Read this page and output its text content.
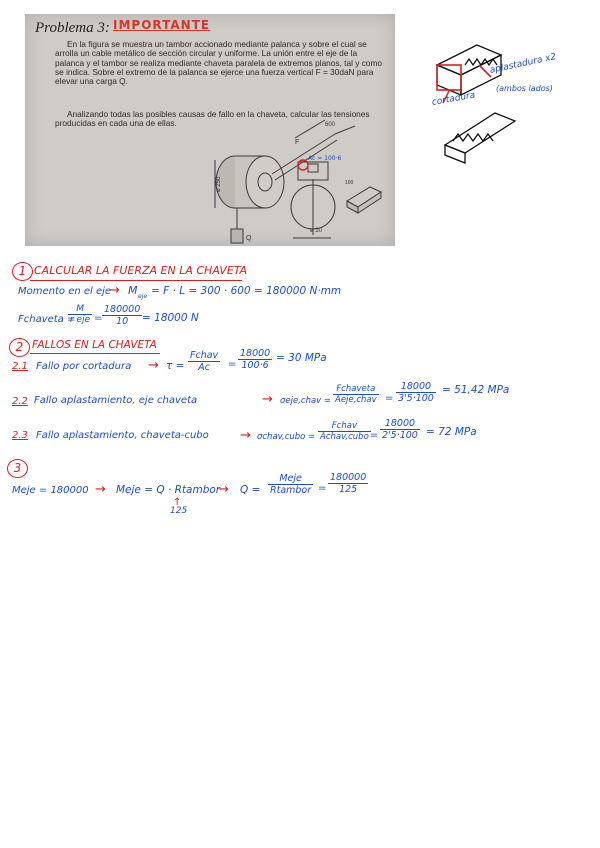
Problema 3: IMPORTANTE
En la figura se muestra un tambor accionado mediante palanca y sobre el cual se arrolla un cable metálico de sección circular y uniforme. La unión entre el eje de la palanca y el tambor se realiza mediante chaveta paralela de extremos planos, tal y como se indica. Sobre el extremo de la palanca se ejerce una fuerza vertical F = 30daN para elevar una carga Q.
Analizando todas las posibles causas de fallo en la chaveta, calcular las tensiones producidas en cada una de ellas.
ø 250
ø 20
600
F
Q
Ac = 100·6
100
aplastadura x2
(ambos lados)
cortadura
1 CALCULAR LA FUERZA EN LA CHAVETA
Momento en el eje
→ M eje = F · L = 300 · 600 = 180000 N·mm
Fchaveta =
M
r eje = $\frac{180000}{10} = 18000$ N
2 FALLOS EN LA CHAVETA
2.1 Fallo por cortadura → τ =
Fchav
Ac	= $\frac{18000}{100\cdot 6} = 30$ MPa
2.2 Fallo aplastamiento, eje chaveta	→ σeje,chav =
Fchaveta
Aeje,chav = $\frac{18000}{3'5\cdot 100} = 51,42$ MPa
2.3 Fallo aplastamiento, chaveta-cubo → σchav,cubo =
Fchav
Achav,cubo = $\frac{18000}{2'5\cdot 100} = 72$ MPa
3
Meje = 180000 → Meje = Q · Rtambor
↑
125
→ Q =
Meje
Rtambor = $\frac{180000}{125}$
